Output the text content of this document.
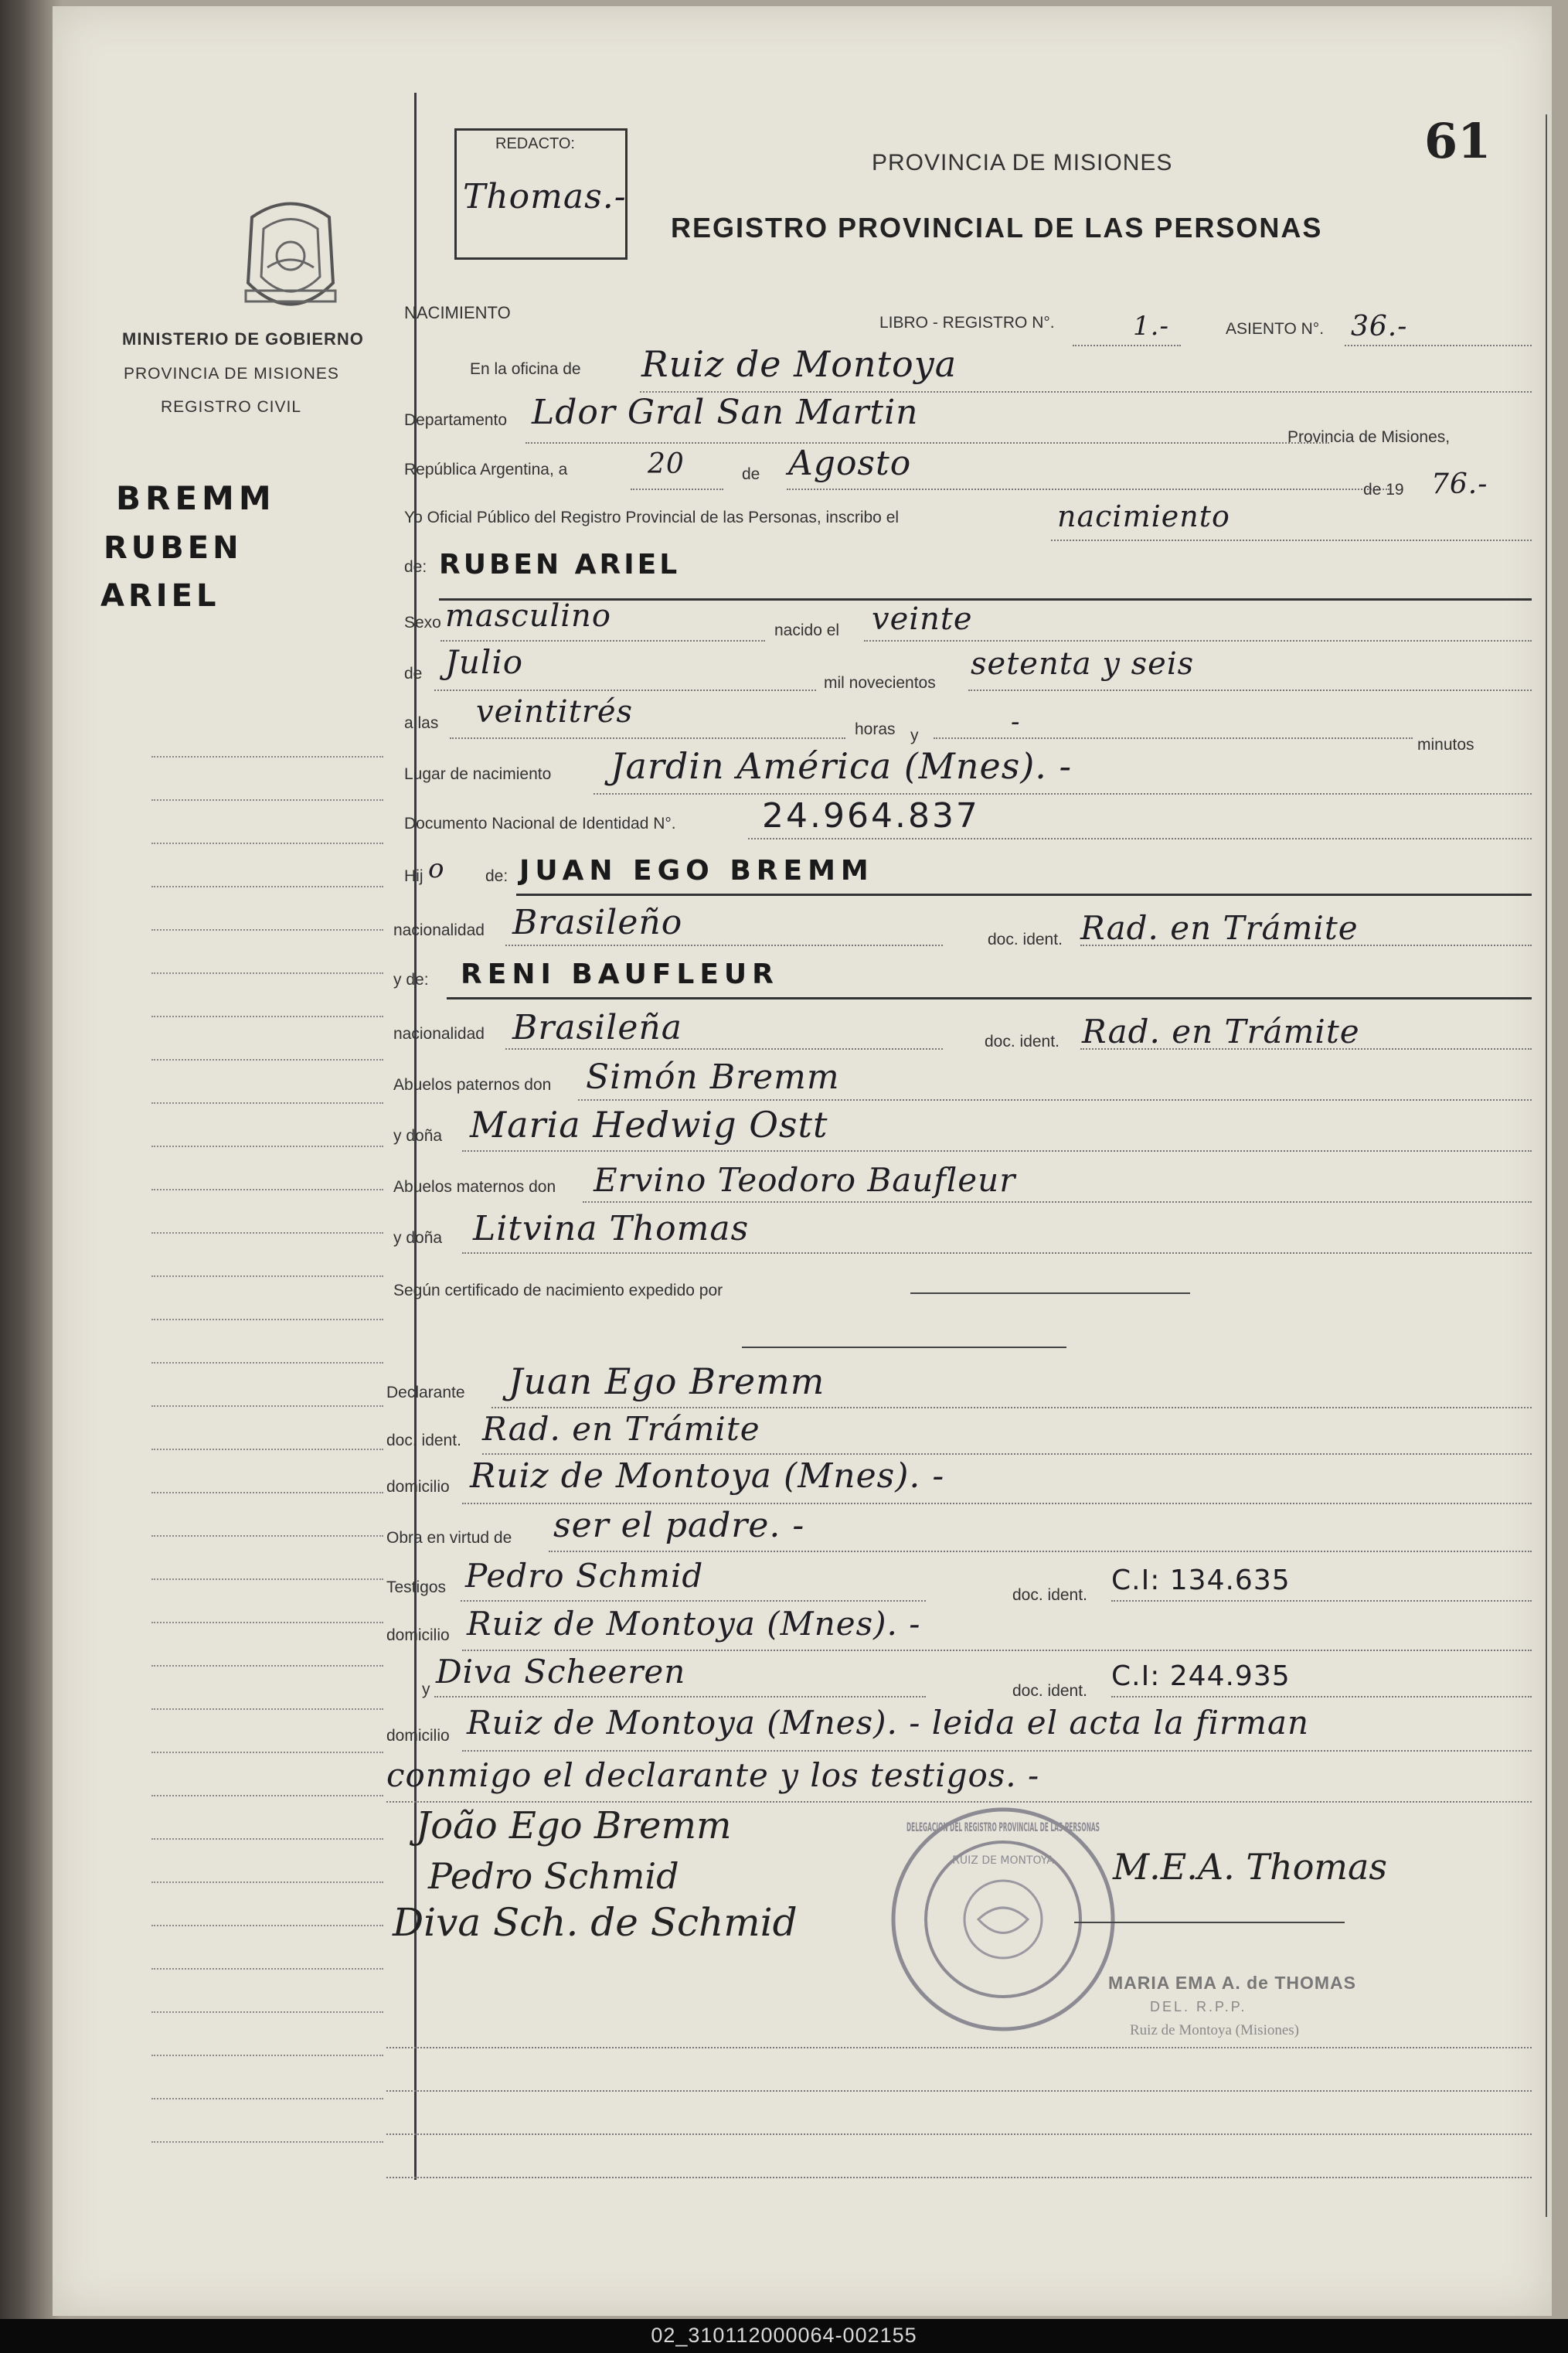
MINISTERIO DE GOBIERNO
PROVINCIA DE MISIONES
REGISTRO CIVIL
BREMM
RUBEN
ARIEL
REDACTO:
Thomas.-
PROVINCIA DE MISIONES
REGISTRO PROVINCIAL DE LAS PERSONAS
61
NACIMIENTO
LIBRO - REGISTRO N°.	1.-	ASIENTO N°. 36.-
En la oficina de Ruiz de Montoya
Departamento Ldor Gral San Martin
Provincia de Misiones,
República Argentina, a	20	de Agosto
de 19 76.-
Yo Oficial Público del Registro Provincial de las Personas, inscribo el	nacimiento
de: RUBEN ARIEL
Sexo masculino	nacido el veinte
de Julio
mil novecientos
setenta y seis
a las veintitrés	horas y	-
minutos
Lugar de nacimiento Jardin América (Mnes). -
Documento Nacional de Identidad N°.	24.964.837
Hij o	de: JUAN EGO BREMM
nacionalidad Brasileño	doc. ident. Rad. en Trámite
y de: RENI BAUFLEUR
nacionalidad Brasileña	doc. ident. Rad. en Trámite
Abuelos paternos don Simón Bremm
y doña Maria Hedwig Ostt
Abuelos maternos don Ervino Teodoro Baufleur
y doña Litvina Thomas
Según certificado de nacimiento expedido por
Declarante Juan Ego Bremm
doc. ident. Rad. en Trámite
domicilio Ruiz de Montoya (Mnes). -
Obra en virtud de ser el padre. -
Testigos Pedro Schmid
doc. ident. C.I: 134.635
domicilio Ruiz de Montoya (Mnes). -
y Diva Scheeren
doc. ident. C.I: 244.935
domicilio Ruiz de Montoya (Mnes). - leida el acta la firman
conmigo el declarante y los testigos. -
João Ego Bremm
Pedro Schmid
Diva Sch. de Schmid
DELEGACION DEL REGISTRO PROVINCIAL DE LAS PERSONAS
RUIZ DE MONTOYA M.E.A. Thomas
MARIA EMA A. de THOMAS
DEL. R.P.P.
Ruiz de Montoya (Misiones)
02_310112000064-002155
